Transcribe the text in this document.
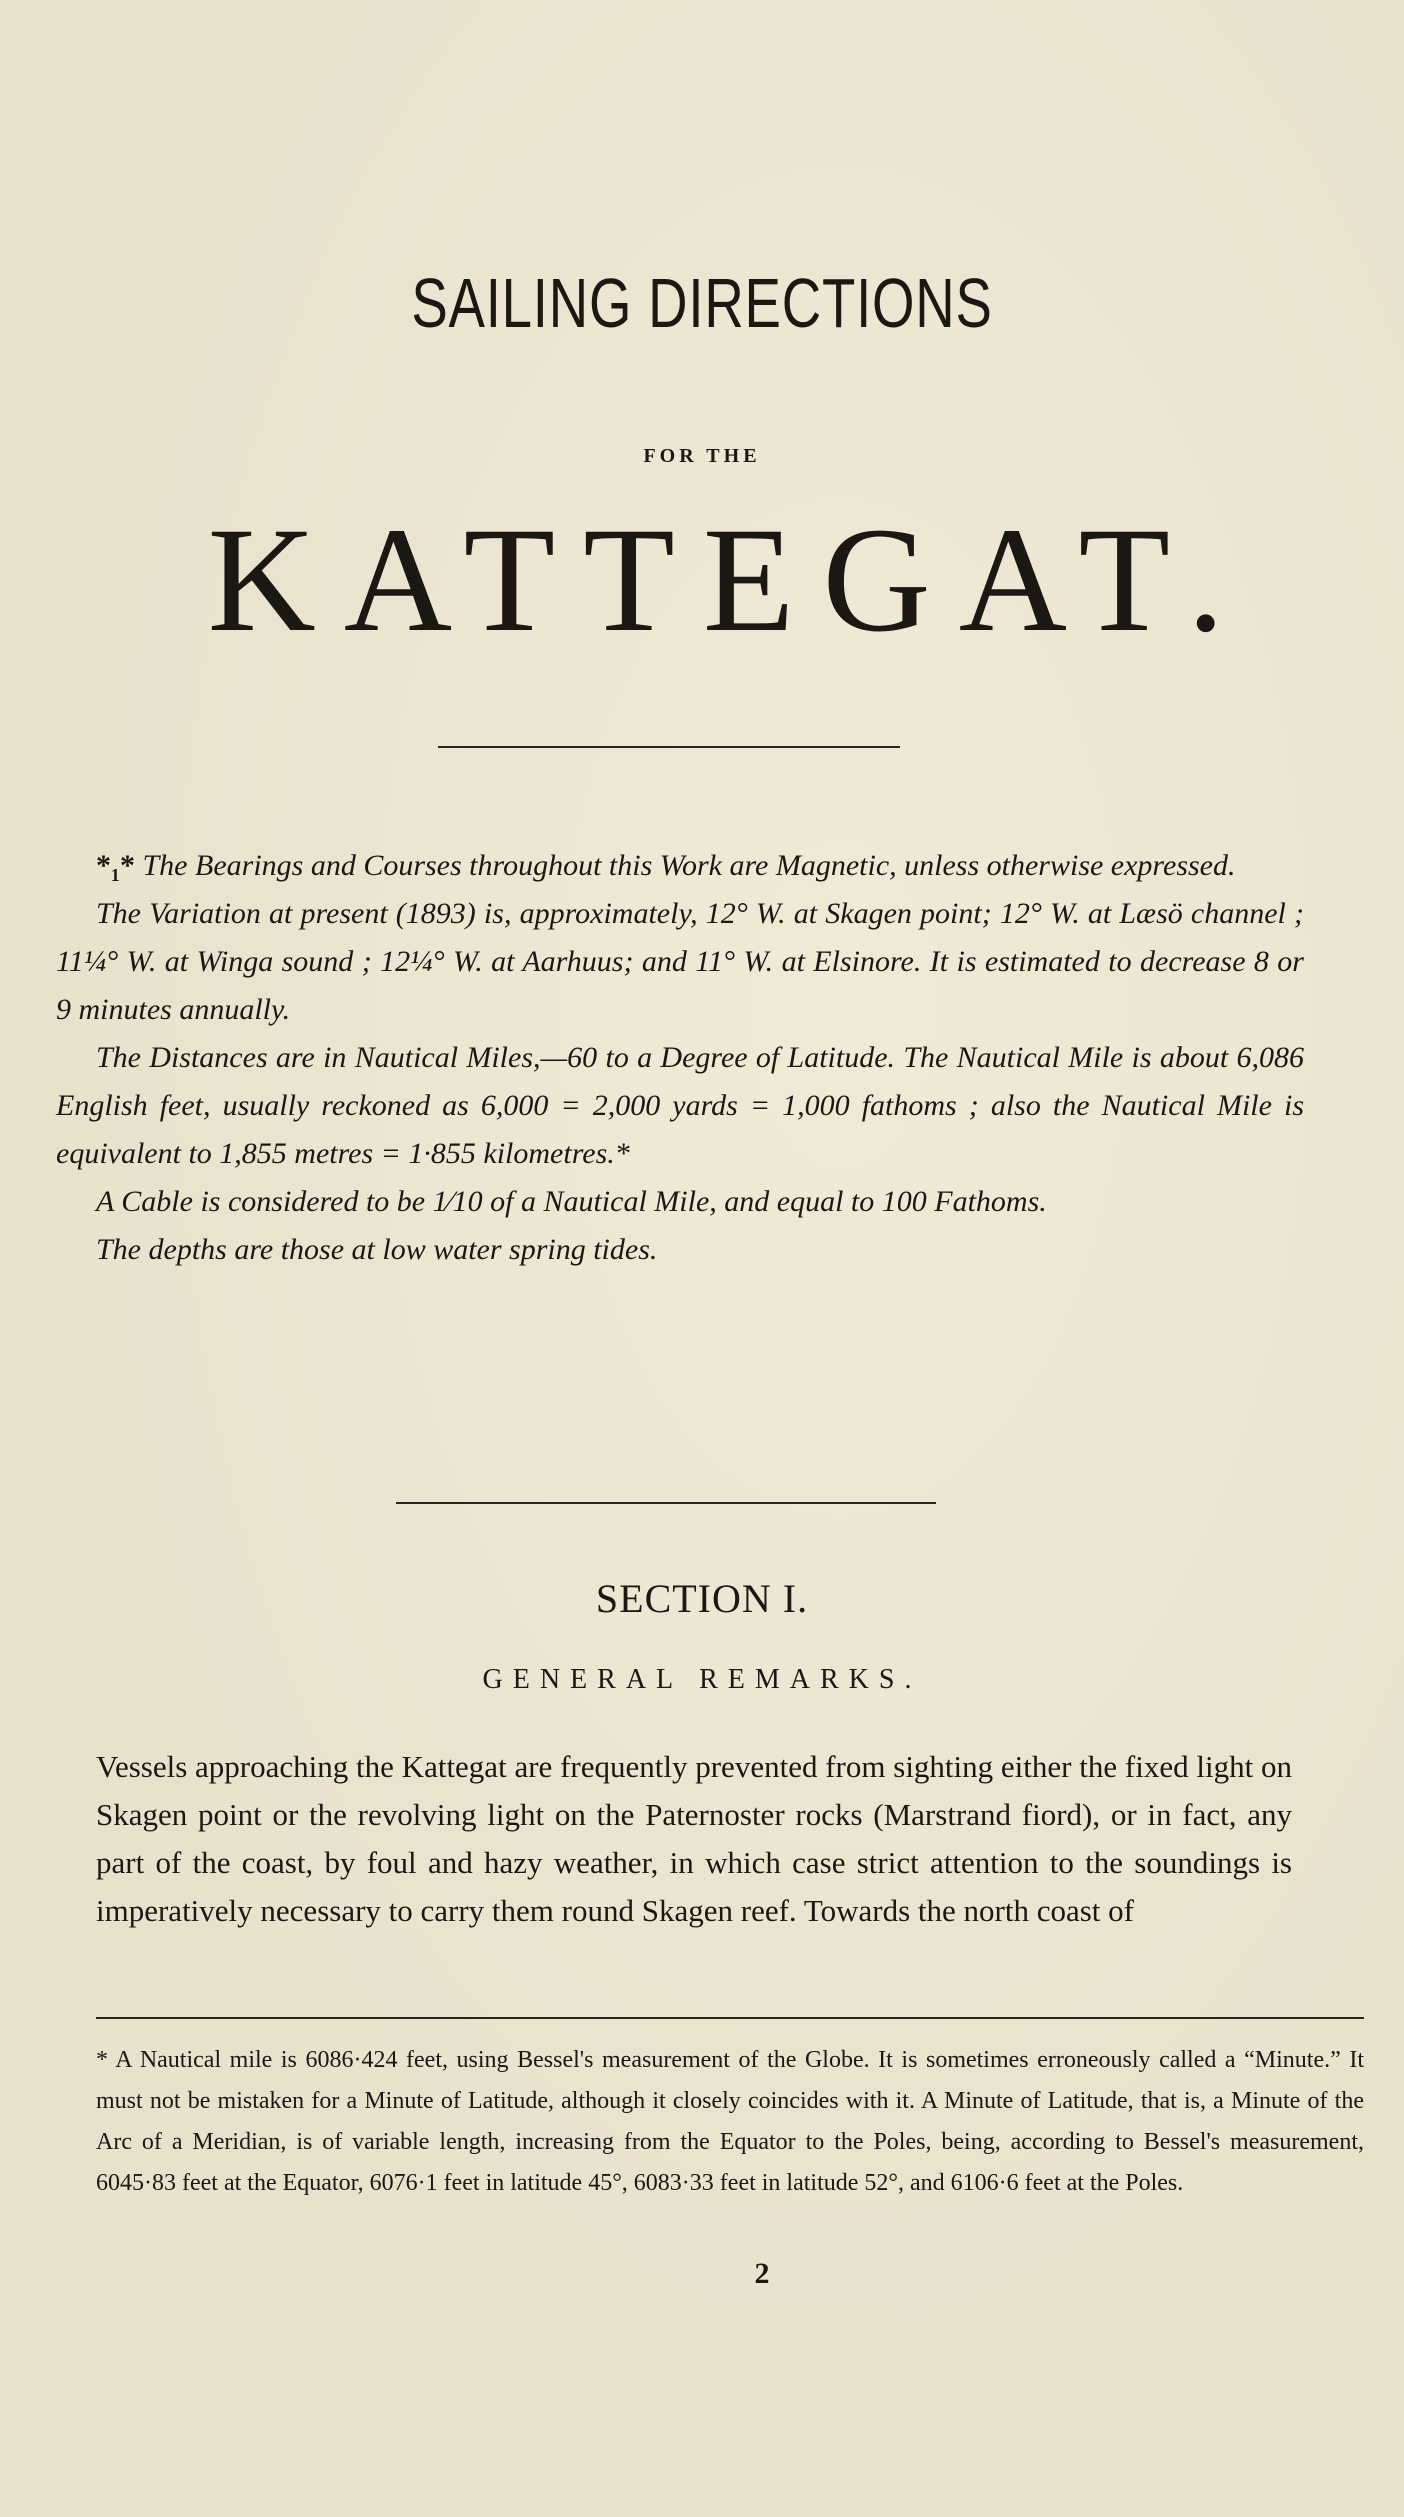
SAILING DIRECTIONS
FOR THE
KATTEGAT.

*₁* The Bearings and Courses throughout this Work are Magnetic, unless otherwise expressed.

The Variation at present (1893) is, approximately, 12° W. at Skagen point; 12° W. at Læsö channel ; 11¼° W. at Winga sound ; 12¼° W. at Aarhuus; and 11° W. at Elsinore. It is estimated to decrease 8 or 9 minutes annually.

The Distances are in Nautical Miles,—60 to a Degree of Latitude. The Nautical Mile is about 6,086 English feet, usually reckoned as 6,000 = 2,000 yards = 1,000 fathoms ; also the Nautical Mile is equivalent to 1,855 metres = 1·855 kilometres.*

A Cable is considered to be 1⁄10 of a Nautical Mile, and equal to 100 Fathoms.

The depths are those at low water spring tides.

SECTION I.
GENERAL REMARKS.

Vessels approaching the Kattegat are frequently prevented from sighting either the fixed light on Skagen point or the revolving light on the Paternoster rocks (Marstrand fiord), or in fact, any part of the coast, by foul and hazy weather, in which case strict attention to the soundings is imperatively necessary to carry them round Skagen reef. Towards the north coast of

* A Nautical mile is 6086·424 feet, using Bessel's measurement of the Globe. It is sometimes erroneously called a “Minute.” It must not be mistaken for a Minute of Latitude, although it closely coincides with it. A Minute of Latitude, that is, a Minute of the Arc of a Meridian, is of variable length, increasing from the Equator to the Poles, being, according to Bessel's measurement, 6045·83 feet at the Equator, 6076·1 feet in latitude 45°, 6083·33 feet in latitude 52°, and 6106·6 feet at the Poles.

2
